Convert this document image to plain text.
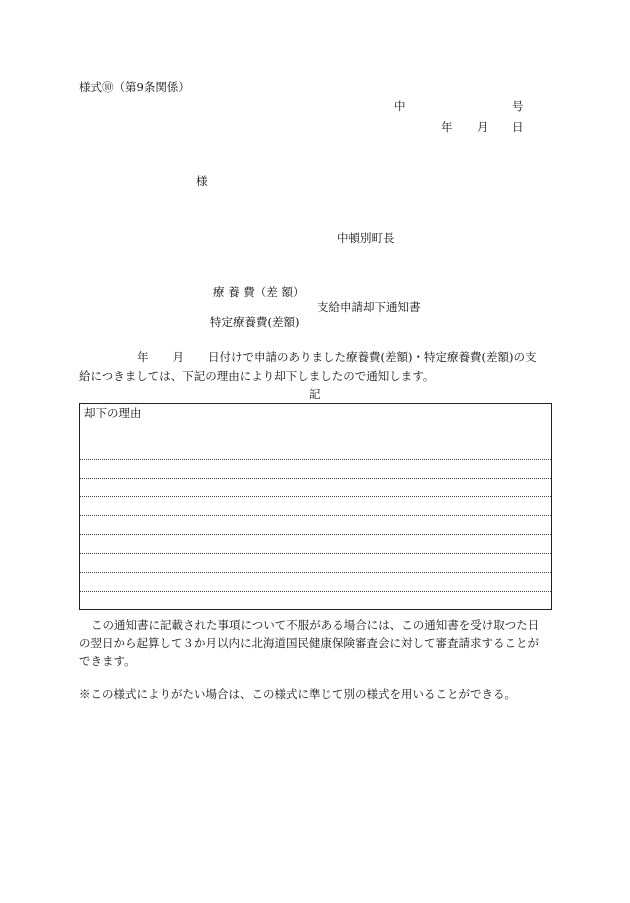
様式⑩（第9条関係）
中	号
年 月 日
様
中頓別町長
療 養 費（差 額）
支給申請却下通知書
特定療養費(差額)
年 月 日付けで申請のありました療養費(差額)・特定療養費(差額)の支
給につきましては、下記の理由により却下しましたので通知します。
記
却下の理由
この通知書に記載された事項について不服がある場合には、この通知書を受け取つた日
の翌日から起算して３か月以内に北海道国民健康保険審査会に対して審査請求することが
できます。
※この様式によりがたい場合は、この様式に準じて別の様式を用いることができる。
